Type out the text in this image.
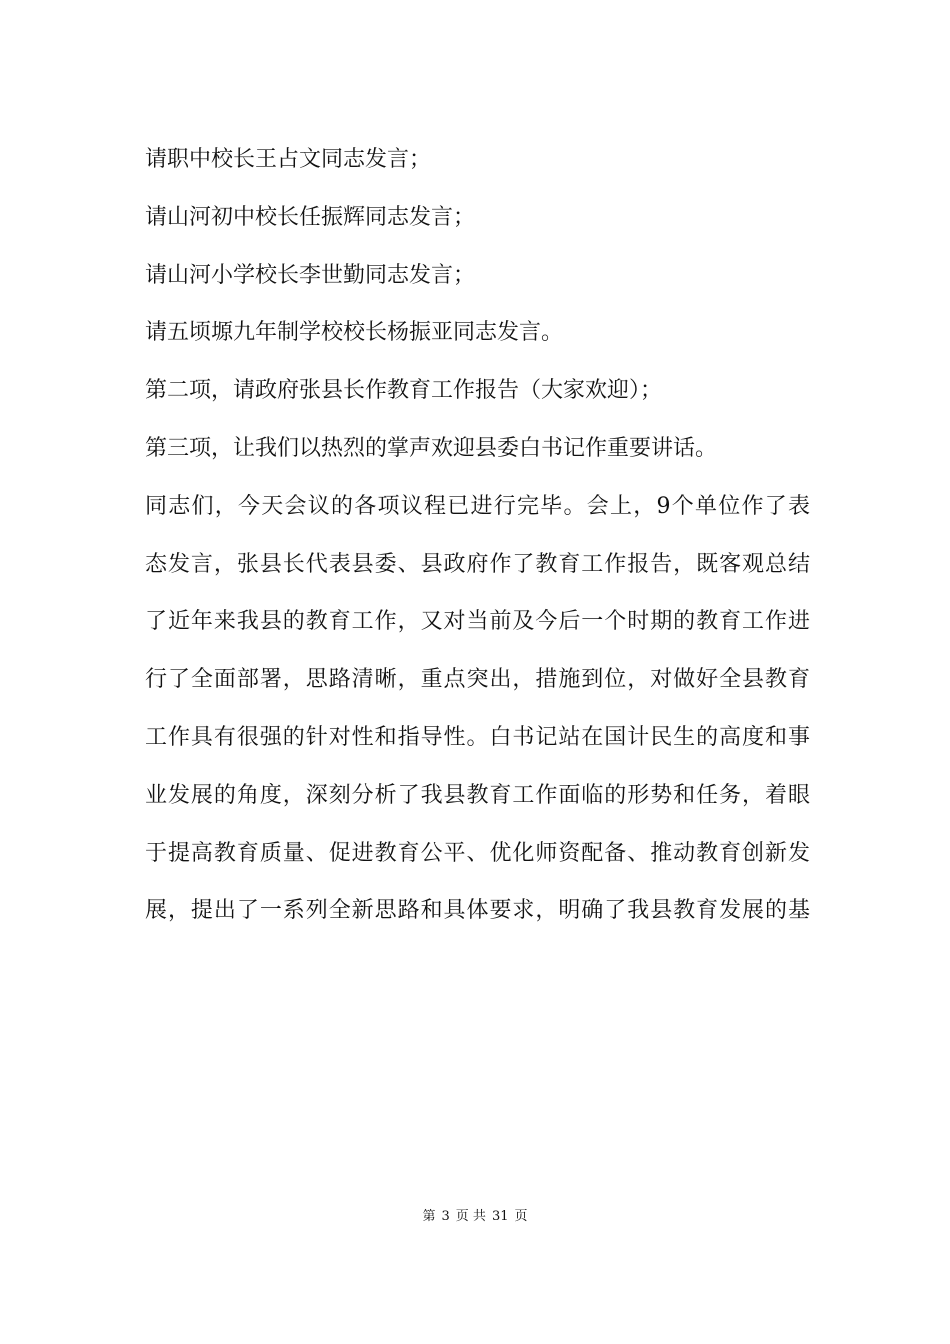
请职中校长王占文同志发言；
请山河初中校长任振辉同志发言；
请山河小学校长李世勤同志发言；
请五顷塬九年制学校校长杨振亚同志发言。
第二项，请政府张县长作教育工作报告（大家欢迎）；
第三项，让我们以热烈的掌声欢迎县委白书记作重要讲话。
同志们，今天会议的各项议程已进行完毕。会上，9个单位作了表
态发言，张县长代表县委、县政府作了教育工作报告，既客观总结
了近年来我县的教育工作，又对当前及今后一个时期的教育工作进
行了全面部署，思路清晰，重点突出，措施到位，对做好全县教育
工作具有很强的针对性和指导性。白书记站在国计民生的高度和事
业发展的角度，深刻分析了我县教育工作面临的形势和任务，着眼
于提高教育质量、促进教育公平、优化师资配备、推动教育创新发
展，提出了一系列全新思路和具体要求，明确了我县教育发展的基
第 3 页 共 31 页
